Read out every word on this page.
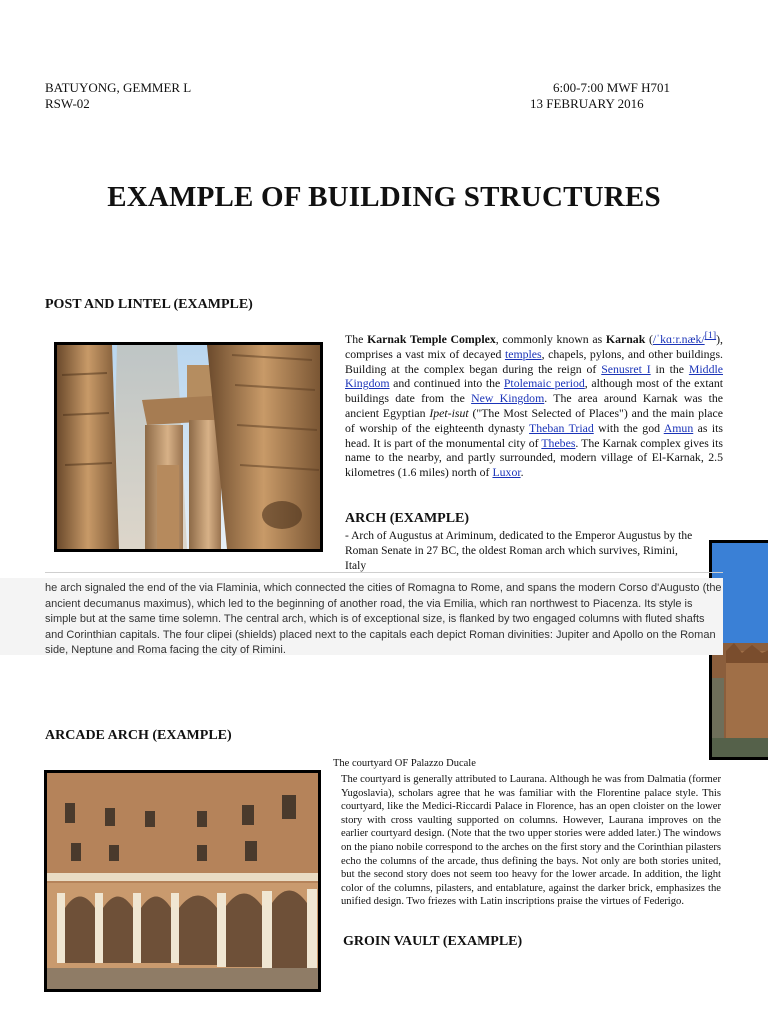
BATUYONG, GEMMER L
RSW-02
6:00-7:00 MWF H701
13 FEBRUARY 2016
EXAMPLE OF BUILDING STRUCTURES
POST AND LINTEL (EXAMPLE)
The Karnak Temple Complex, commonly known as Karnak (/ˈkɑːr.næk/[1]), comprises a vast mix of decayed temples, chapels, pylons, and other buildings. Building at the complex began during the reign of Senusret I in the Middle Kingdom and continued into the Ptolemaic period, although most of the extant buildings date from the New Kingdom. The area around Karnak was the ancient Egyptian Ipet-isut ("The Most Selected of Places") and the main place of worship of the eighteenth dynasty Theban Triad with the god Amun as its head. It is part of the monumental city of Thebes. The Karnak complex gives its name to the nearby, and partly surrounded, modern village of El-Karnak, 2.5 kilometres (1.6 miles) north of Luxor.
ARCH (EXAMPLE)
- Arch of Augustus at Ariminum, dedicated to the Emperor Augustus by the Roman Senate in 27 BC, the oldest Roman arch which survives, Rimini, Italy
he arch signaled the end of the via Flaminia, which connected the cities of Romagna to Rome, and spans the modern Corso d'Augusto (the ancient decumanus maximus), which led to the beginning of another road, the via Emilia, which ran northwest to Piacenza. Its style is simple but at the same time solemn. The central arch, which is of exceptional size, is flanked by two engaged columns with fluted shafts and Corinthian capitals. The four clipei (shields) placed next to the capitals each depict Roman divinities: Jupiter and Apollo on the Roman side, Neptune and Roma facing the city of Rimini.
ARCADE ARCH (EXAMPLE)
The courtyard OF Palazzo Ducale
The courtyard is generally attributed to Laurana. Although he was from Dalmatia (former Yugoslavia), scholars agree that he was familiar with the Florentine palace style. This courtyard, like the Medici-Riccardi Palace in Florence, has an open cloister on the lower story with cross vaulting supported on columns. However, Laurana improves on the earlier courtyard design. (Note that the two upper stories were added later.) The windows on the piano nobile correspond to the arches on the first story and the Corinthian pilasters echo the columns of the arcade, thus defining the bays. Not only are both stories united, but the second story does not seem too heavy for the lower arcade. In addition, the light color of the columns, pilasters, and entablature, against the darker brick, emphasizes the unified design. Two friezes with Latin inscriptions praise the virtues of Federigo.
GROIN VAULT (EXAMPLE)
